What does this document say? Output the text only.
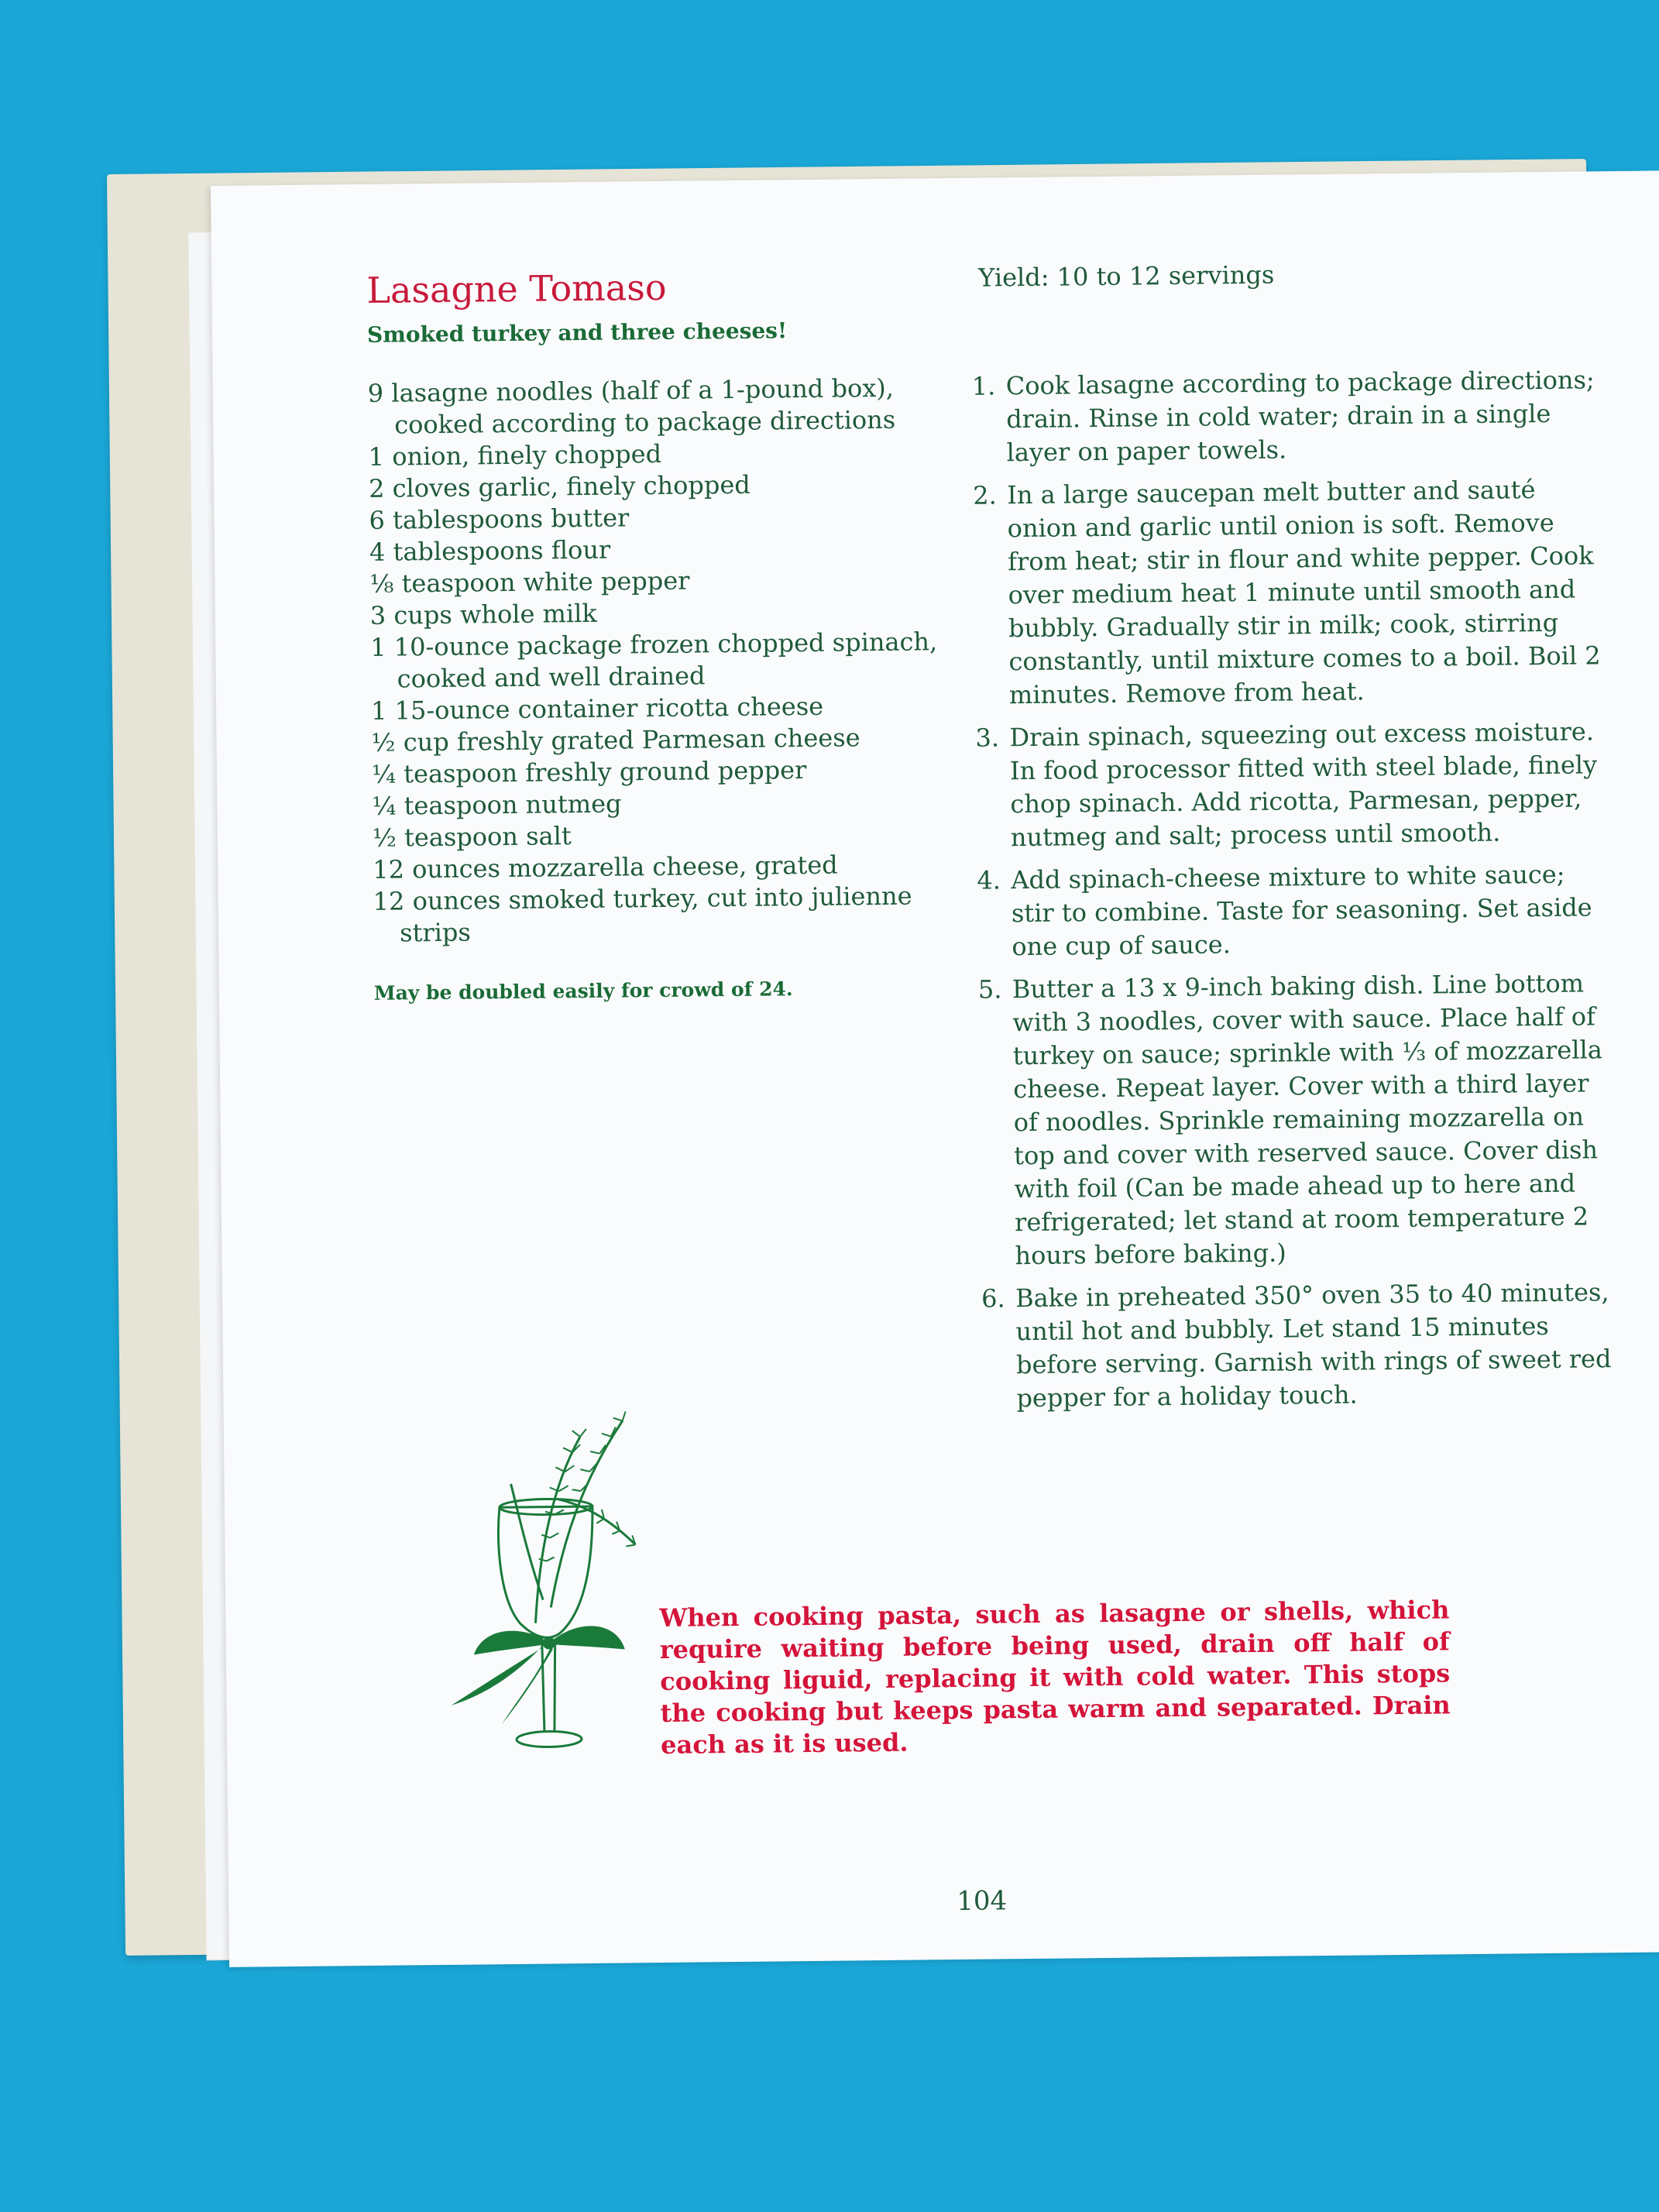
Lasagne Tomaso
Smoked turkey and three cheeses!
Yield: 10 to 12 servings
9 lasagne noodles (half of a 1-pound box), cooked according to package directions
1 onion, finely chopped
2 cloves garlic, finely chopped
6 tablespoons butter
4 tablespoons flour
⅛ teaspoon white pepper
3 cups whole milk
1 10-ounce package frozen chopped spinach, cooked and well drained
1 15-ounce container ricotta cheese
½ cup freshly grated Parmesan cheese
¼ teaspoon freshly ground pepper
¼ teaspoon nutmeg
½ teaspoon salt
12 ounces mozzarella cheese, grated
12 ounces smoked turkey, cut into julienne strips
May be doubled easily for crowd of 24.
1. Cook lasagne according to package directions; drain. Rinse in cold water; drain in a single layer on paper towels.
2. In a large saucepan melt butter and sauté onion and garlic until onion is soft. Remove from heat; stir in flour and white pepper. Cook over medium heat 1 minute until smooth and bubbly. Gradually stir in milk; cook, stirring constantly, until mixture comes to a boil. Boil 2 minutes. Remove from heat.
3. Drain spinach, squeezing out excess moisture. In food processor fitted with steel blade, finely chop spinach. Add ricotta, Parmesan, pepper, nutmeg and salt; process until smooth.
4. Add spinach-cheese mixture to white sauce; stir to combine. Taste for seasoning. Set aside one cup of sauce.
5. Butter a 13 x 9-inch baking dish. Line bottom with 3 noodles, cover with sauce. Place half of turkey on sauce; sprinkle with ⅓ of mozzarella cheese. Repeat layer. Cover with a third layer of noodles. Sprinkle remaining mozzarella on top and cover with reserved sauce. Cover dish with foil (Can be made ahead up to here and refrigerated; let stand at room temperature 2 hours before baking.)
6. Bake in preheated 350° oven 35 to 40 minutes, until hot and bubbly. Let stand 15 minutes before serving. Garnish with rings of sweet red pepper for a holiday touch.
When cooking pasta, such as lasagne or shells, which require waiting before being used, drain off half of cooking liguid, replacing it with cold water. This stops the cooking but keeps pasta warm and separated. Drain each as it is used.
104
